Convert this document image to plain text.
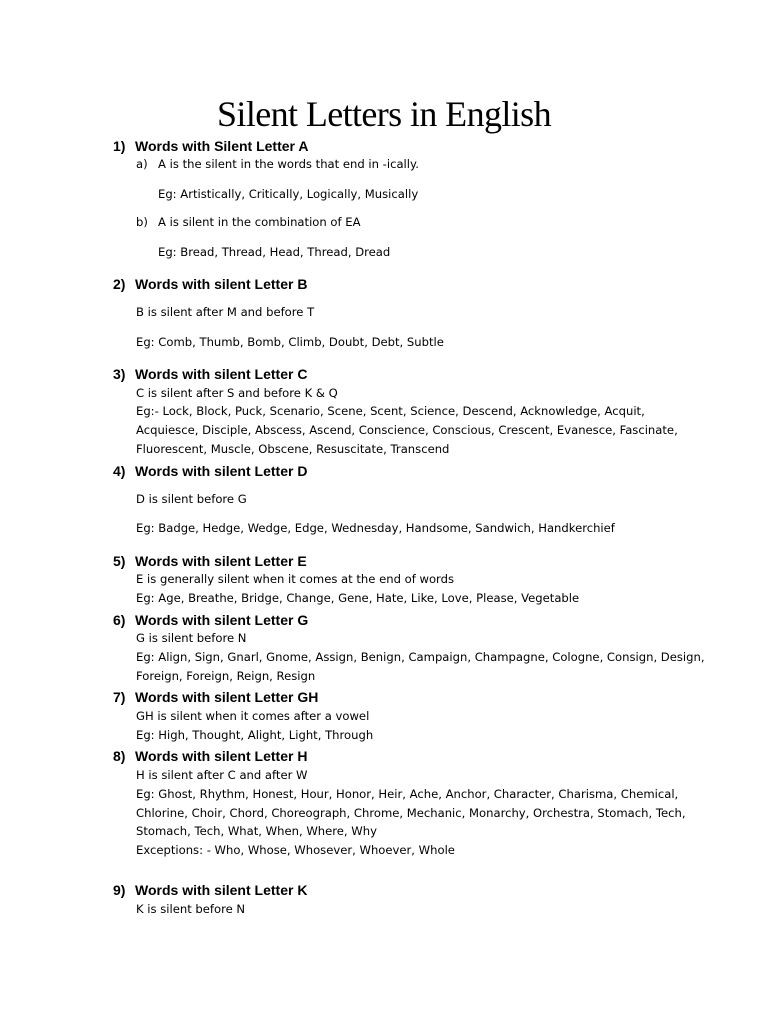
Silent Letters in English
1) Words with Silent Letter A
a) A is the silent in the words that end in -ically.
Eg: Artistically, Critically, Logically, Musically
b) A is silent in the combination of EA
Eg: Bread, Thread, Head, Thread, Dread
2) Words with silent Letter B
B is silent after M and before T
Eg: Comb, Thumb, Bomb, Climb, Doubt, Debt, Subtle
3) Words with silent Letter C
C is silent after S and before K & Q
Eg:- Lock, Block, Puck, Scenario, Scene, Scent, Science, Descend, Acknowledge, Acquit,
Acquiesce, Disciple, Abscess, Ascend, Conscience, Conscious, Crescent, Evanesce, Fascinate,
Fluorescent, Muscle, Obscene, Resuscitate, Transcend
4) Words with silent Letter D
D is silent before G
Eg: Badge, Hedge, Wedge, Edge, Wednesday, Handsome, Sandwich, Handkerchief
5) Words with silent Letter E
E is generally silent when it comes at the end of words
Eg: Age, Breathe, Bridge, Change, Gene, Hate, Like, Love, Please, Vegetable
6) Words with silent Letter G
G is silent before N
Eg: Align, Sign, Gnarl, Gnome, Assign, Benign, Campaign, Champagne, Cologne, Consign, Design,
Foreign, Foreign, Reign, Resign
7) Words with silent Letter GH
GH is silent when it comes after a vowel
Eg: High, Thought, Alight, Light, Through
8) Words with silent Letter H
H is silent after C and after W
Eg: Ghost, Rhythm, Honest, Hour, Honor, Heir, Ache, Anchor, Character, Charisma, Chemical,
Chlorine, Choir, Chord, Choreograph, Chrome, Mechanic, Monarchy, Orchestra, Stomach, Tech,
Stomach, Tech, What, When, Where, Why
Exceptions: - Who, Whose, Whosever, Whoever, Whole
9) Words with silent Letter K
K is silent before N
